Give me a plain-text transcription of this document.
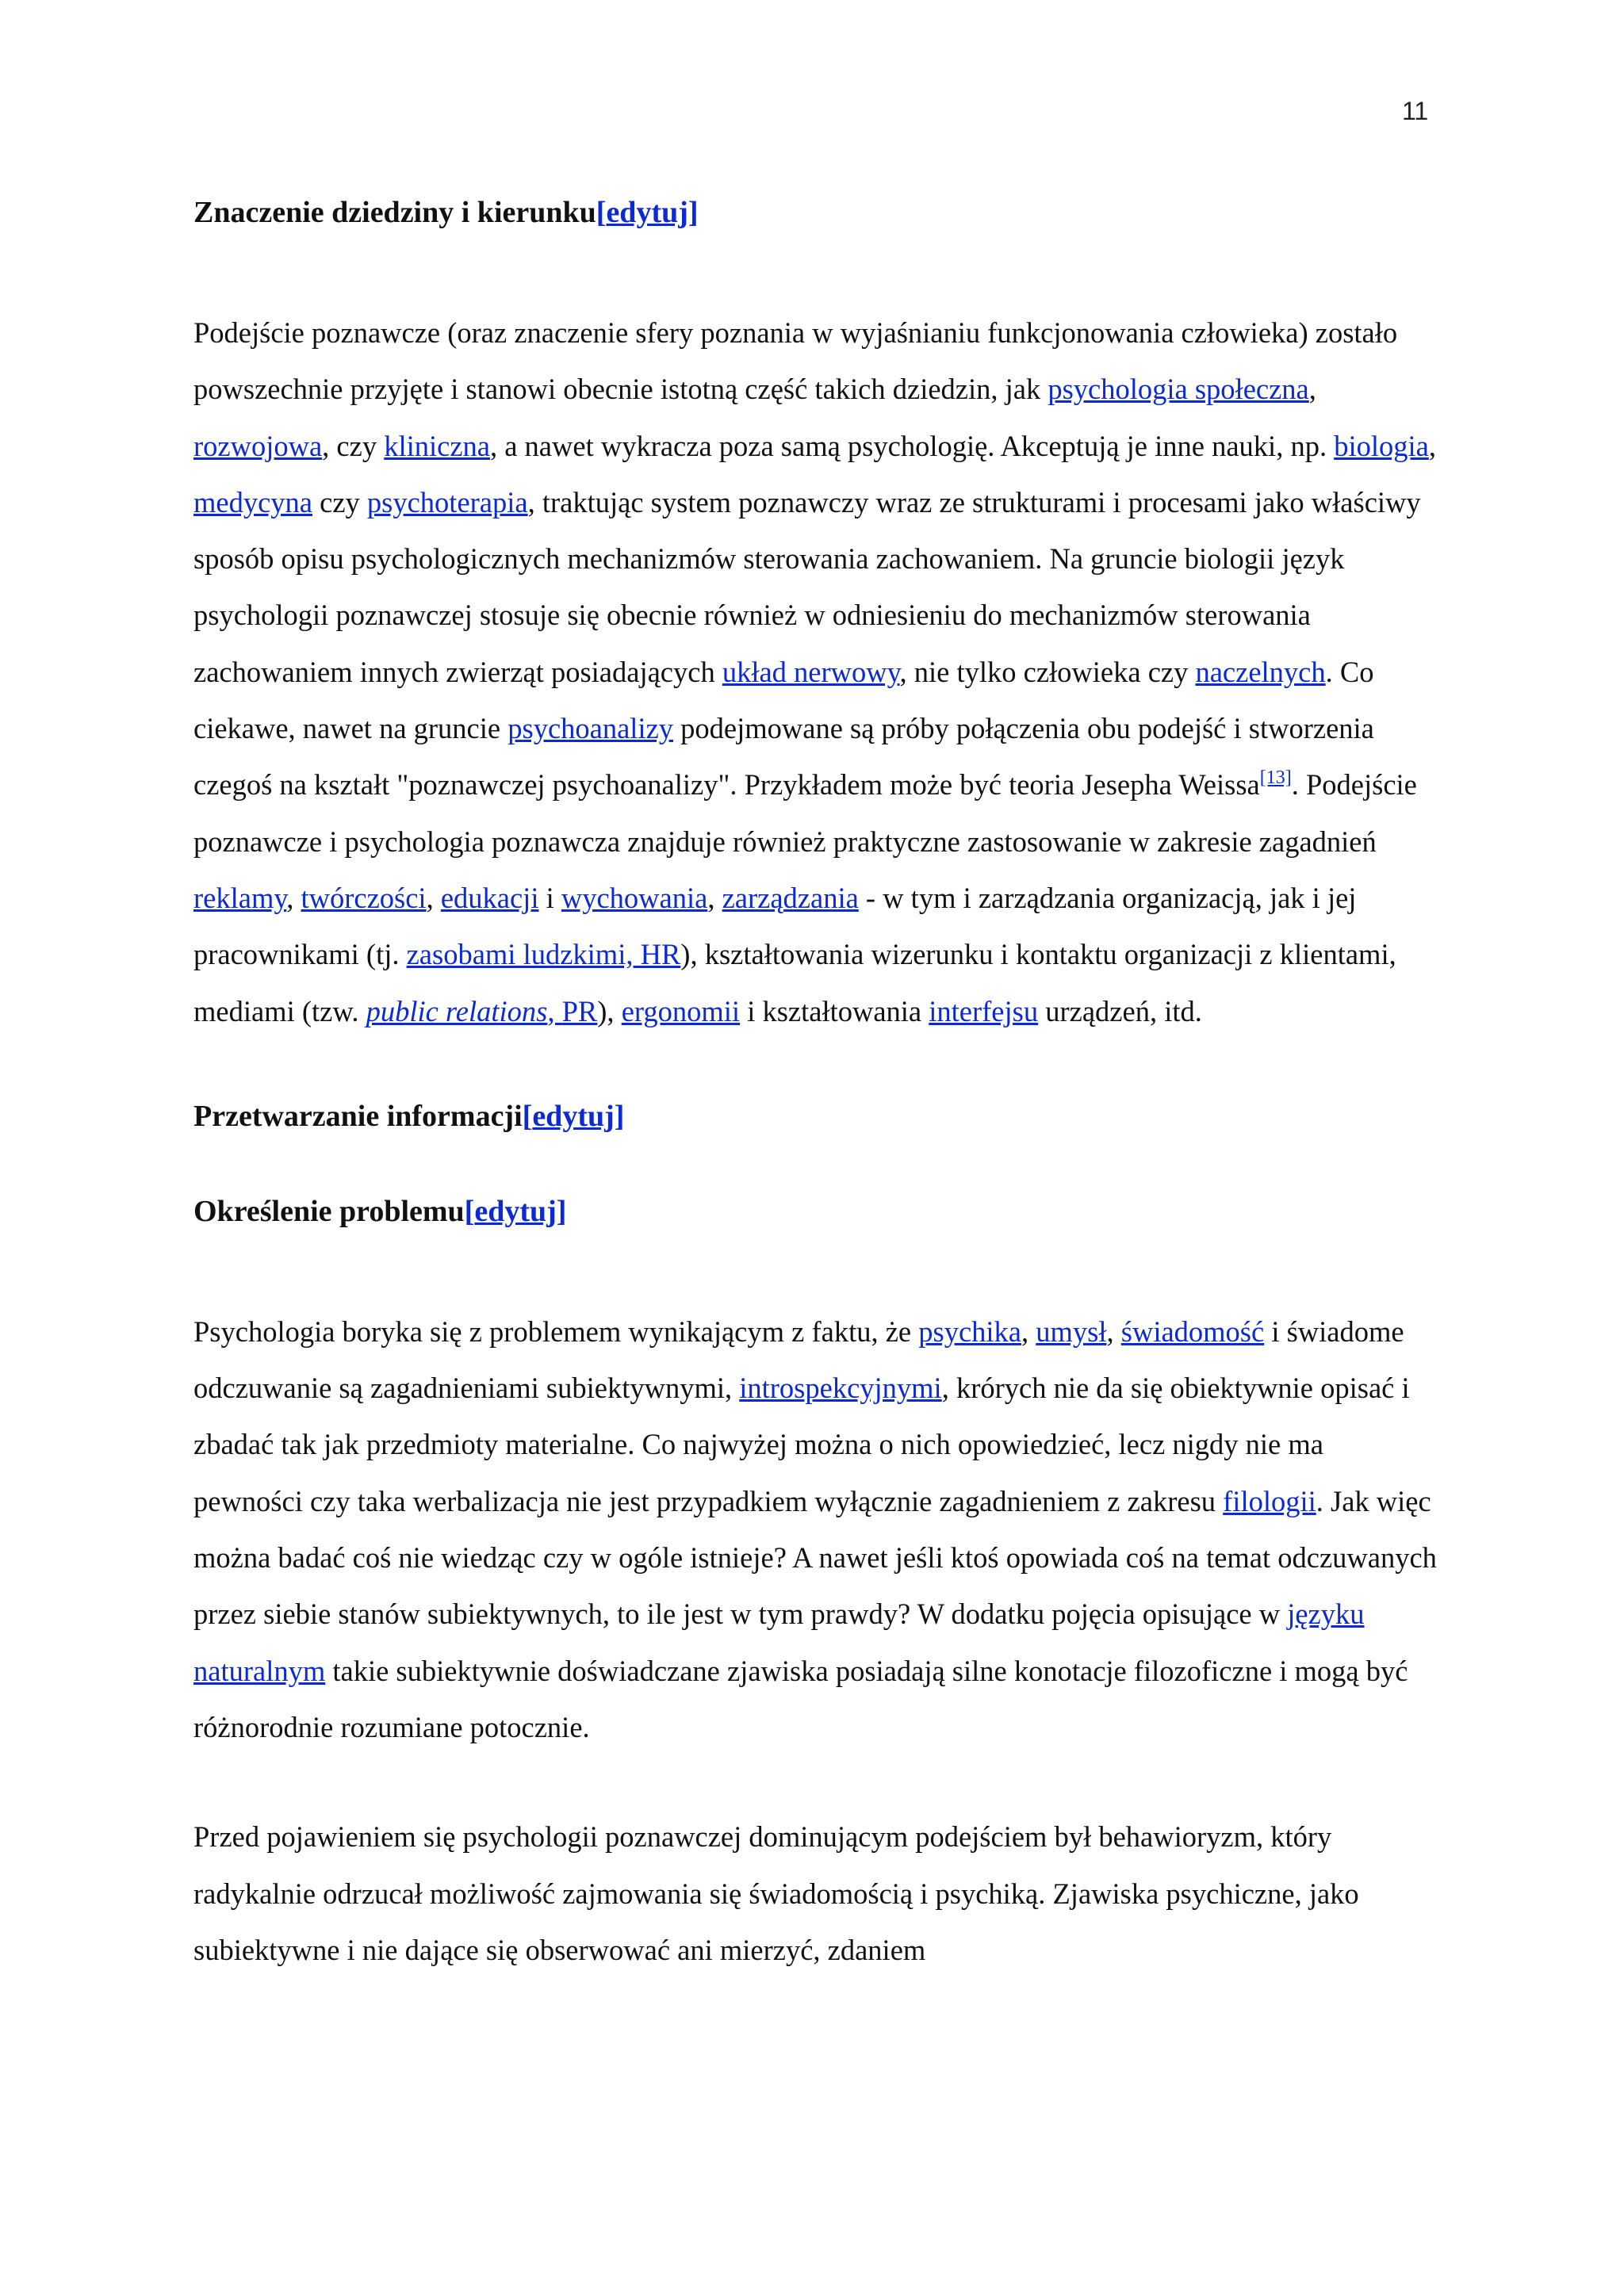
11
Znaczenie dziedziny i kierunku[edytuj]

Podejście poznawcze (oraz znaczenie sfery poznania w wyjaśnianiu funkcjonowania człowieka) zostało powszechnie przyjęte i stanowi obecnie istotną część takich dziedzin, jak psychologia społeczna, rozwojowa, czy kliniczna, a nawet wykracza poza samą psychologię. Akceptują je inne nauki, np. biologia, medycyna czy psychoterapia, traktując system poznawczy wraz ze strukturami i procesami jako właściwy sposób opisu psychologicznych mechanizmów sterowania zachowaniem. Na gruncie biologii język psychologii poznawczej stosuje się obecnie również w odniesieniu do mechanizmów sterowania zachowaniem innych zwierząt posiadających układ nerwowy, nie tylko człowieka czy naczelnych. Co ciekawe, nawet na gruncie psychoanalizy podejmowane są próby połączenia obu podejść i stworzenia czegoś na kształt "poznawczej psychoanalizy". Przykładem może być teoria Jesepha Weissa[13]. Podejście poznawcze i psychologia poznawcza znajduje również praktyczne zastosowanie w zakresie zagadnień reklamy, twórczości, edukacji i wychowania, zarządzania - w tym i zarządzania organizacją, jak i jej pracownikami (tj. zasobami ludzkimi, HR), kształtowania wizerunku i kontaktu organizacji z klientami, mediami (tzw. public relations, PR), ergonomii i kształtowania interfejsu urządzeń, itd.

Przetwarzanie informacji[edytuj]
Określenie problemu[edytuj]

Psychologia boryka się z problemem wynikającym z faktu, że psychika, umysł, świadomość i świadome odczuwanie są zagadnieniami subiektywnymi, introspekcyjnymi, krórych nie da się obiektywnie opisać i zbadać tak jak przedmioty materialne. Co najwyżej można o nich opowiedzieć, lecz nigdy nie ma pewności czy taka werbalizacja nie jest przypadkiem wyłącznie zagadnieniem z zakresu filologii. Jak więc można badać coś nie wiedząc czy w ogóle istnieje? A nawet jeśli ktoś opowiada coś na temat odczuwanych przez siebie stanów subiektywnych, to ile jest w tym prawdy? W dodatku pojęcia opisujące w języku naturalnym takie subiektywnie doświadczane zjawiska posiadają silne konotacje filozoficzne i mogą być różnorodnie rozumiane potocznie.

Przed pojawieniem się psychologii poznawczej dominującym podejściem był behawioryzm, który radykalnie odrzucał możliwość zajmowania się świadomością i psychiką. Zjawiska psychiczne, jako subiektywne i nie dające się obserwować ani mierzyć, zdaniem
